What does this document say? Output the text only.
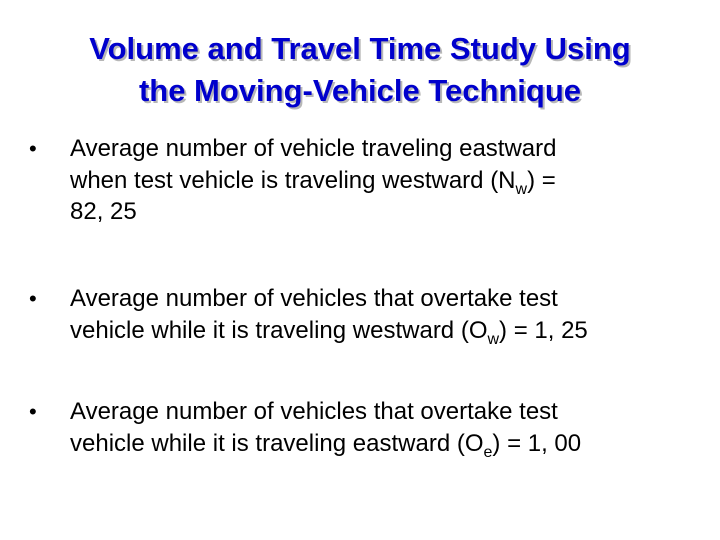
Volume and Travel Time Study Using
the Moving-Vehicle Technique
• Average number of vehicle traveling eastward
when test vehicle is traveling westward $(N_w)$ =
82, 25
• Average number of vehicles that overtake test
vehicle while it is traveling westward $(O_w) = 1$, 25
• Average number of vehicles that overtake test
vehicle while it is traveling eastward $(O_e) = 1$, 00
